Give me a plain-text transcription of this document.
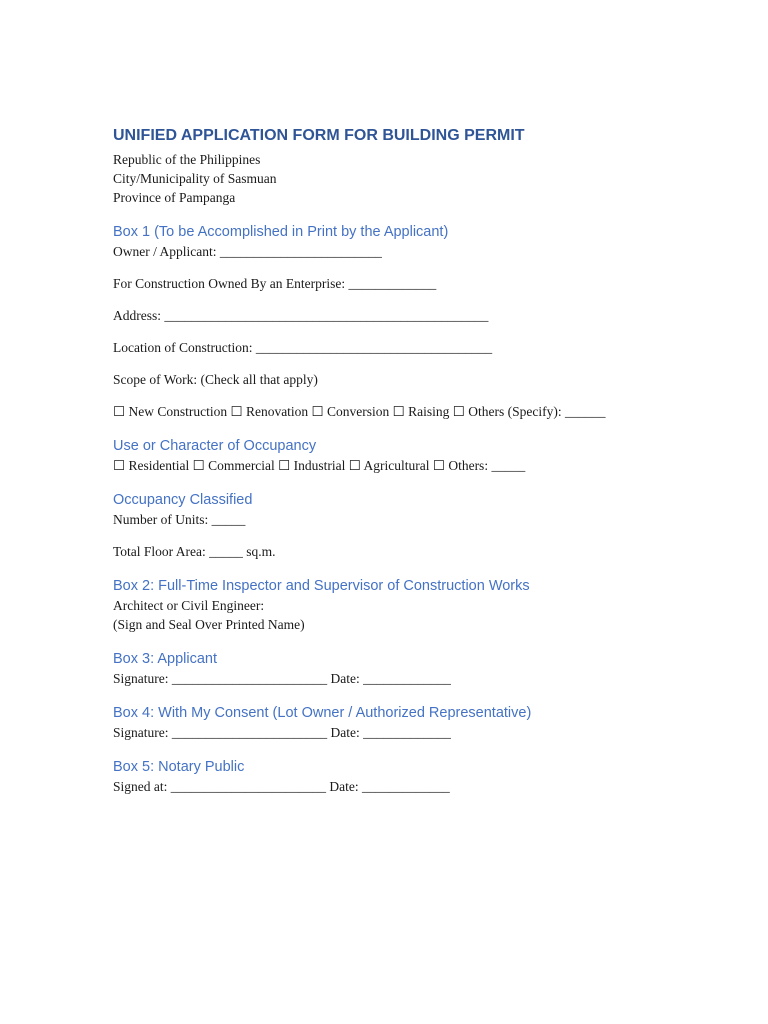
UNIFIED APPLICATION FORM FOR BUILDING PERMIT

Republic of the Philippines

City/Municipality of Sasmuan

Province of Pampanga

Box 1 (To be Accomplished in Print by the Applicant)

Owner / Applicant: ________________________

For Construction Owned By an Enterprise: _____________

Address: ________________________________________________

Location of Construction: ___________________________________

Scope of Work: (Check all that apply)

☐ New Construction ☐ Renovation ☐ Conversion ☐ Raising ☐ Others (Specify): ______

Use or Character of Occupancy

☐ Residential ☐ Commercial ☐ Industrial ☐ Agricultural ☐ Others: _____

Occupancy Classified

Number of Units: _____

Total Floor Area: _____ sq.m.

Box 2: Full-Time Inspector and Supervisor of Construction Works

Architect or Civil Engineer:

(Sign and Seal Over Printed Name)

Box 3: Applicant

Signature: _______________________ Date: _____________

Box 4: With My Consent (Lot Owner / Authorized Representative)

Signature: _______________________ Date: _____________

Box 5: Notary Public

Signed at: _______________________ Date: _____________
